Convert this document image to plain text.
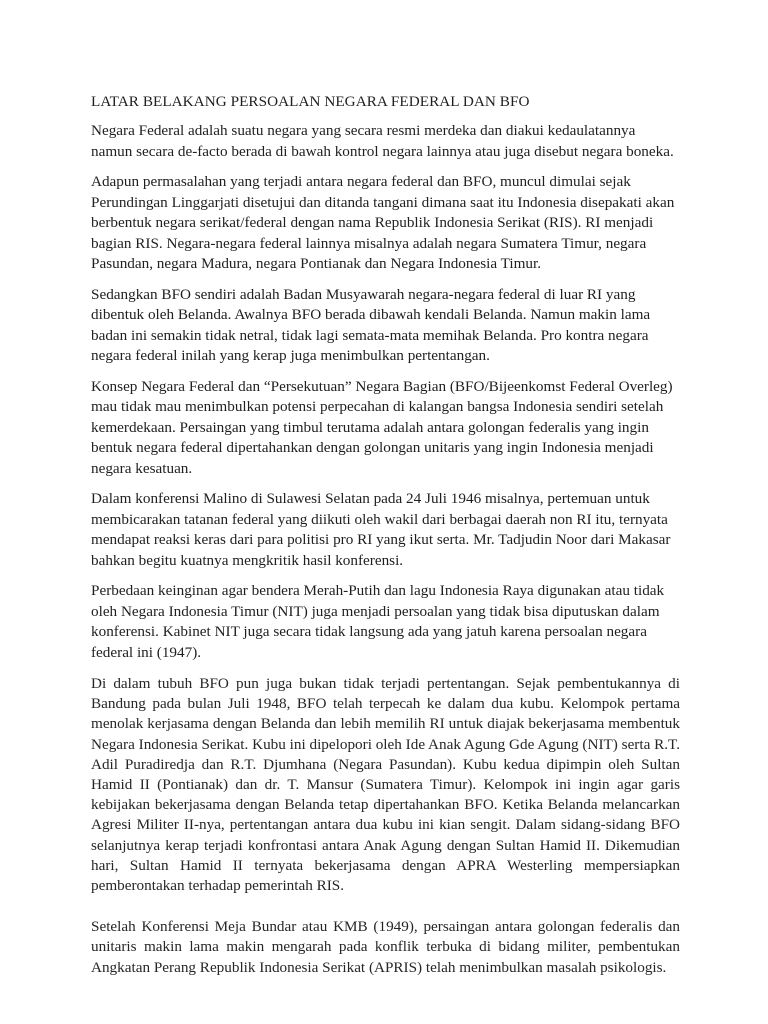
LATAR BELAKANG PERSOALAN NEGARA FEDERAL DAN BFO

Negara Federal adalah suatu negara yang secara resmi merdeka dan diakui kedaulatannya namun secara de-facto berada di bawah kontrol negara lainnya atau juga disebut negara boneka.

Adapun permasalahan yang terjadi antara negara federal dan BFO, muncul dimulai sejak Perundingan Linggarjati disetujui dan ditanda tangani dimana saat itu Indonesia disepakati akan berbentuk negara serikat/federal dengan nama Republik Indonesia Serikat (RIS). RI menjadi bagian RIS. Negara-negara federal lainnya misalnya adalah negara Sumatera Timur, negara Pasundan, negara Madura, negara Pontianak dan Negara Indonesia Timur.

Sedangkan BFO sendiri adalah Badan Musyawarah negara-negara federal di luar RI yang dibentuk oleh Belanda. Awalnya BFO berada dibawah kendali Belanda. Namun makin lama badan ini semakin tidak netral, tidak lagi semata-mata memihak Belanda. Pro kontra negara negara federal inilah yang kerap juga menimbulkan pertentangan.

Konsep Negara Federal dan “Persekutuan” Negara Bagian (BFO/Bijeenkomst Federal Overleg) mau tidak mau menimbulkan potensi perpecahan di kalangan bangsa Indonesia sendiri setelah kemerdekaan. Persaingan yang timbul terutama adalah antara golongan federalis yang ingin bentuk negara federal dipertahankan dengan golongan unitaris yang ingin Indonesia menjadi negara kesatuan.

Dalam konferensi Malino di Sulawesi Selatan pada 24 Juli 1946 misalnya, pertemuan untuk membicarakan tatanan federal yang diikuti oleh wakil dari berbagai daerah non RI itu, ternyata mendapat reaksi keras dari para politisi pro RI yang ikut serta. Mr. Tadjudin Noor dari Makasar bahkan begitu kuatnya mengkritik hasil konferensi.

Perbedaan keinginan agar bendera Merah-Putih dan lagu Indonesia Raya digunakan atau tidak oleh Negara Indonesia Timur (NIT) juga menjadi persoalan yang tidak bisa diputuskan dalam konferensi. Kabinet NIT juga secara tidak langsung ada yang jatuh karena persoalan negara federal ini (1947).

Di dalam tubuh BFO pun juga bukan tidak terjadi pertentangan. Sejak pembentukannya di Bandung pada bulan Juli 1948, BFO telah terpecah ke dalam dua kubu. Kelompok pertama menolak kerjasama dengan Belanda dan lebih memilih RI untuk diajak bekerjasama membentuk Negara Indonesia Serikat. Kubu ini dipelopori oleh Ide Anak Agung Gde Agung (NIT) serta R.T. Adil Puradiredja dan R.T. Djumhana (Negara Pasundan). Kubu kedua dipimpin oleh Sultan Hamid II (Pontianak) dan dr. T. Mansur (Sumatera Timur). Kelompok ini ingin agar garis kebijakan bekerjasama dengan Belanda tetap dipertahankan BFO. Ketika Belanda melancarkan Agresi Militer II-nya, pertentangan antara dua kubu ini kian sengit. Dalam sidang-sidang BFO selanjutnya kerap terjadi konfrontasi antara Anak Agung dengan Sultan Hamid II. Dikemudian hari, Sultan Hamid II ternyata bekerjasama dengan APRA Westerling mempersiapkan pemberontakan terhadap pemerintah RIS.

Setelah Konferensi Meja Bundar atau KMB (1949), persaingan antara golongan federalis dan unitaris makin lama makin mengarah pada konflik terbuka di bidang militer, pembentukan Angkatan Perang Republik Indonesia Serikat (APRIS) telah menimbulkan masalah psikologis.
